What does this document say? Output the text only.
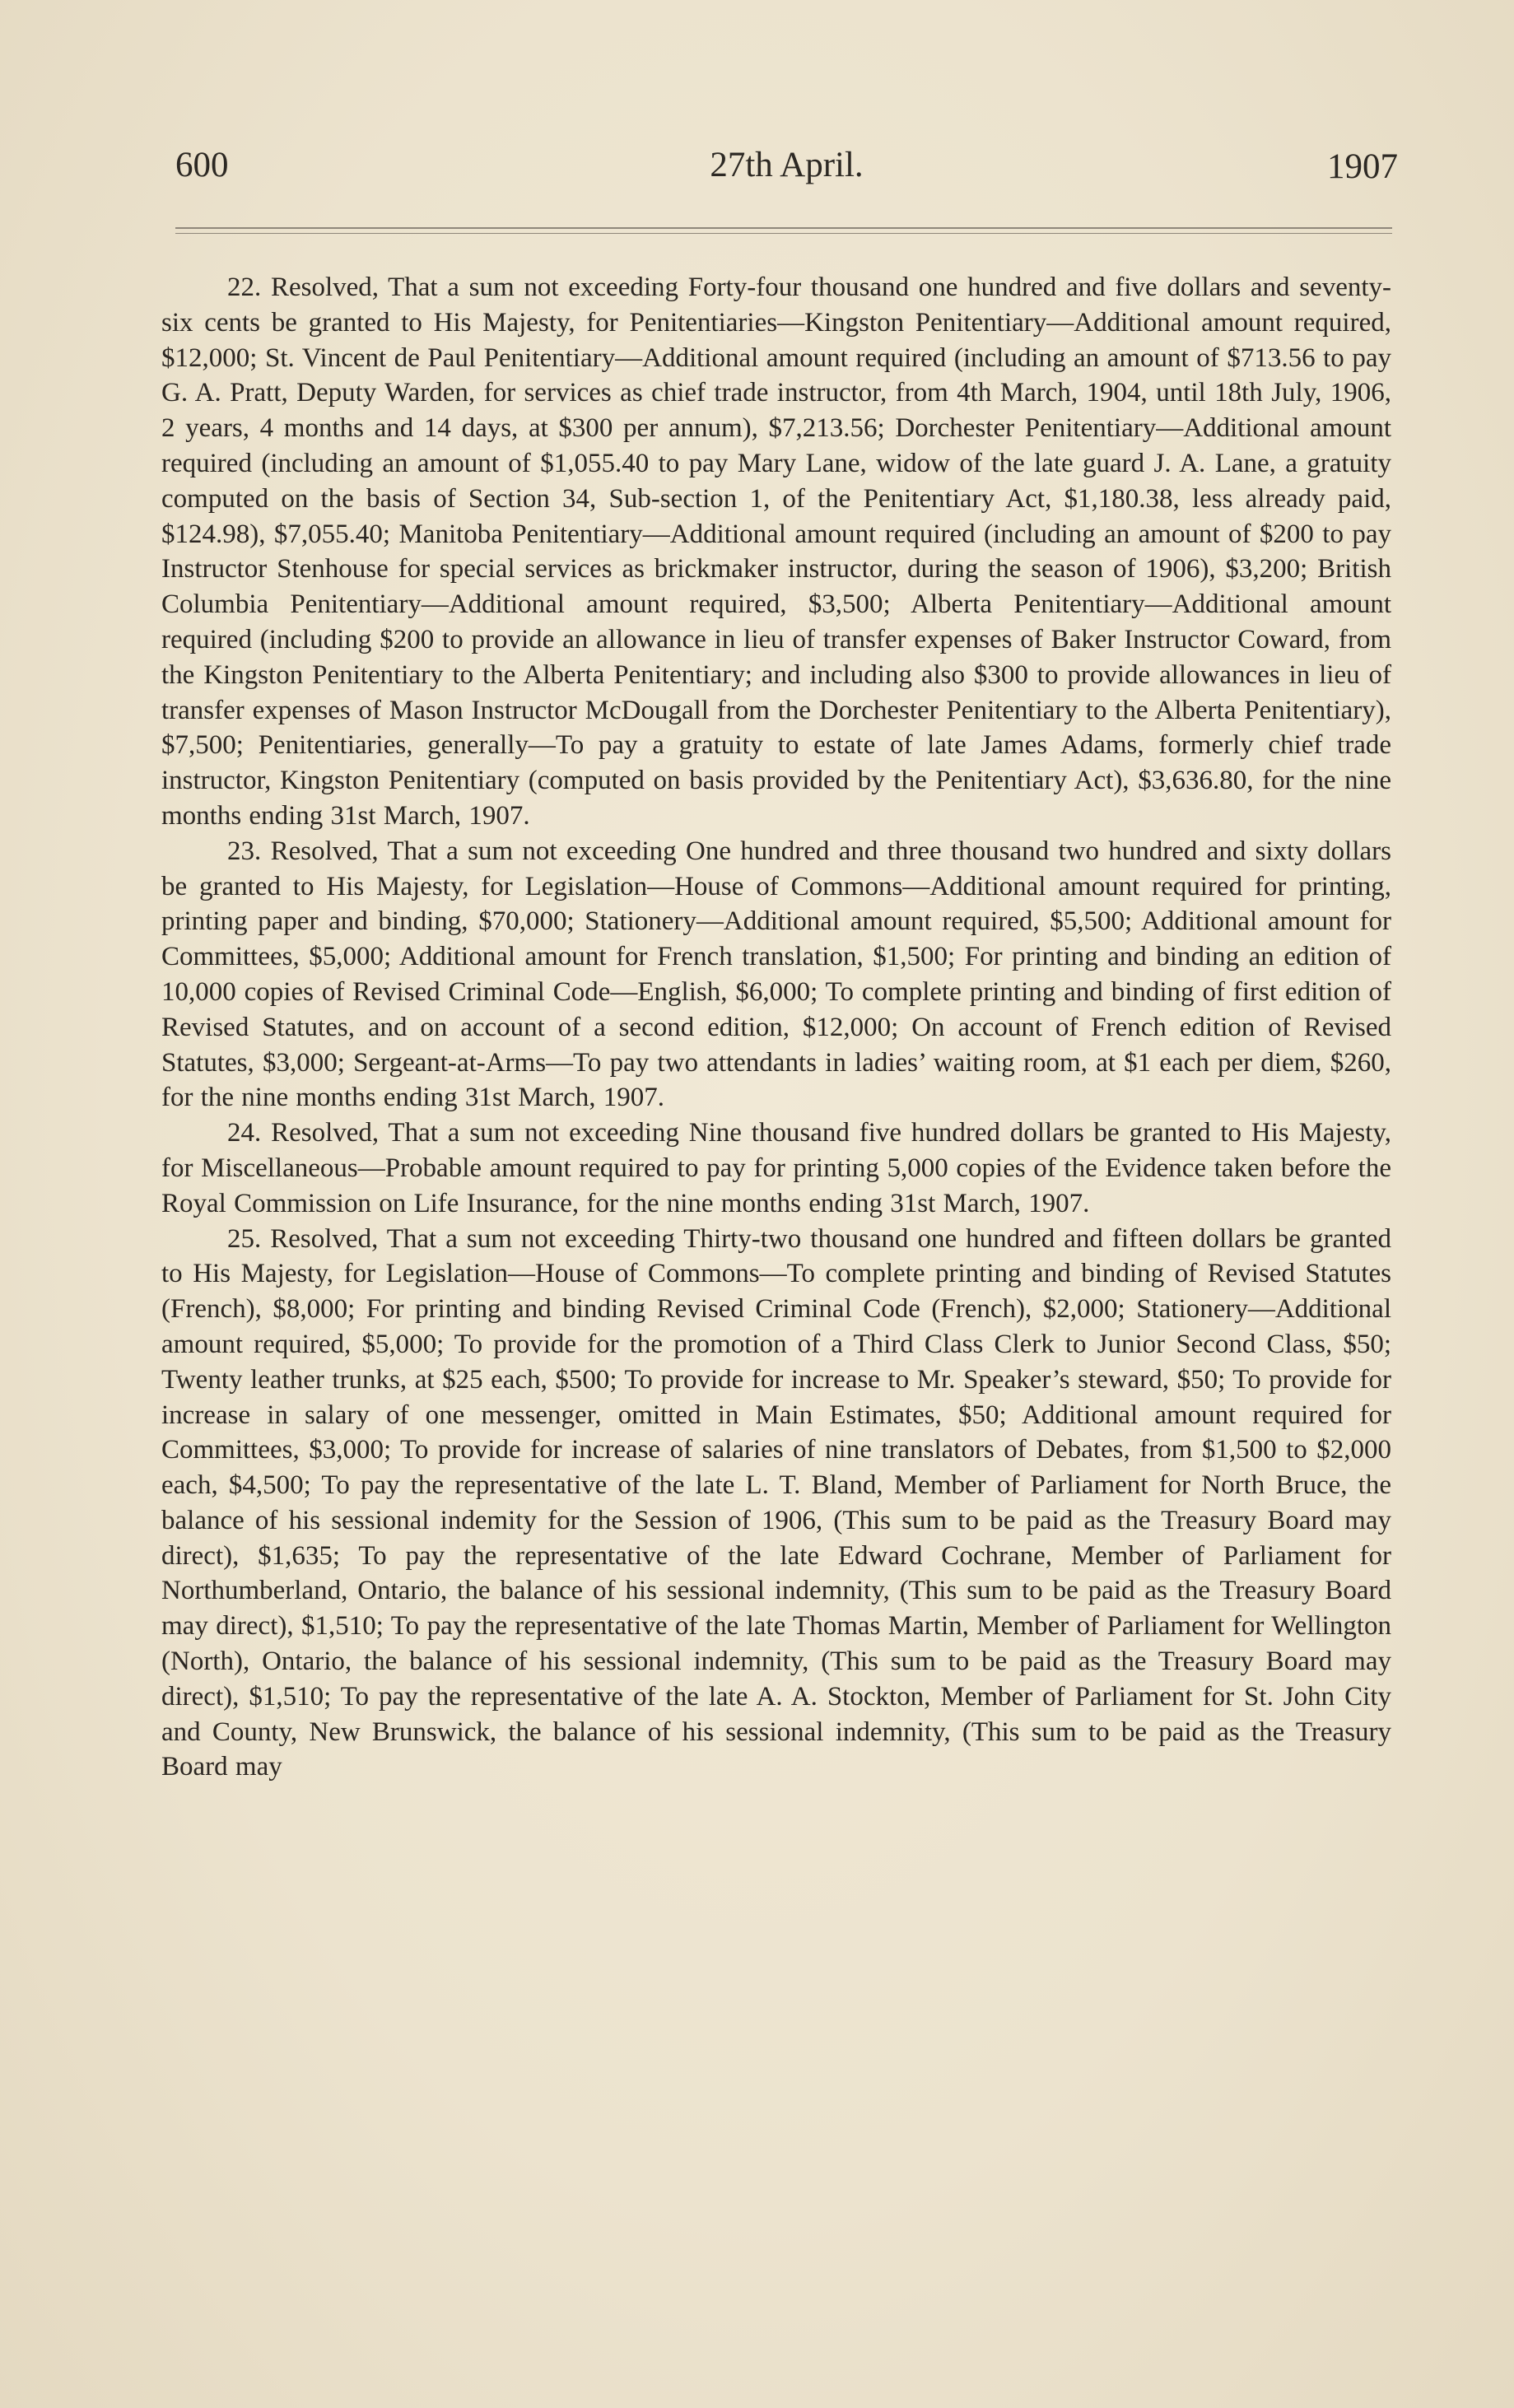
600	27th April.	1907

22. Resolved, That a sum not exceeding Forty-four thousand one hundred and five dollars and seventy-six cents be granted to His Majesty, for Penitentiaries—Kingston Penitentiary—Additional amount required, $12,000; St. Vincent de Paul Penitentiary—Additional amount required (including an amount of $713.56 to pay G. A. Pratt, Deputy Warden, for services as chief trade instructor, from 4th March, 1904, until 18th July, 1906, 2 years, 4 months and 14 days, at $300 per annum), $7,213.56; Dorchester Penitentiary—Additional amount required (including an amount of $1,055.40 to pay Mary Lane, widow of the late guard J. A. Lane, a gratuity computed on the basis of Section 34, Sub-section 1, of the Penitentiary Act, $1,180.38, less already paid, $124.98), $7,055.40; Manitoba Penitentiary—Additional amount required (including an amount of $200 to pay Instructor Stenhouse for special services as brickmaker instructor, during the season of 1906), $3,200; British Columbia Penitentiary—Additional amount required, $3,500; Alberta Penitentiary—Additional amount required (including $200 to provide an allowance in lieu of transfer expenses of Baker Instructor Coward, from the Kingston Penitentiary to the Alberta Penitentiary; and including also $300 to provide allowances in lieu of transfer expenses of Mason Instructor McDougall from the Dorchester Penitentiary to the Alberta Penitentiary), $7,500; Penitentiaries, generally—To pay a gratuity to estate of late James Adams, formerly chief trade instructor, Kingston Penitentiary (computed on basis provided by the Penitentiary Act), $3,636.80, for the nine months ending 31st March, 1907.

23. Resolved, That a sum not exceeding One hundred and three thousand two hundred and sixty dollars be granted to His Majesty, for Legislation—House of Commons—Additional amount required for printing, printing paper and binding, $70,000; Stationery—Additional amount required, $5,500; Additional amount for Committees, $5,000; Additional amount for French translation, $1,500; For printing and binding an edition of 10,000 copies of Revised Criminal Code—English, $6,000; To complete printing and binding of first edition of Revised Statutes, and on account of a second edition, $12,000; On account of French edition of Revised Statutes, $3,000; Sergeant-at-Arms—To pay two attendants in ladies’ waiting room, at $1 each per diem, $260, for the nine months ending 31st March, 1907.

24. Resolved, That a sum not exceeding Nine thousand five hundred dollars be granted to His Majesty, for Miscellaneous—Probable amount required to pay for printing 5,000 copies of the Evidence taken before the Royal Commission on Life Insurance, for the nine months ending 31st March, 1907.

25. Resolved, That a sum not exceeding Thirty-two thousand one hundred and fifteen dollars be granted to His Majesty, for Legislation—House of Commons—To complete printing and binding of Revised Statutes (French), $8,000; For printing and binding Revised Criminal Code (French), $2,000; Stationery—Additional amount required, $5,000; To provide for the promotion of a Third Class Clerk to Junior Second Class, $50; Twenty leather trunks, at $25 each, $500; To provide for increase to Mr. Speaker’s steward, $50; To provide for increase in salary of one messenger, omitted in Main Estimates, $50; Additional amount required for Committees, $3,000; To provide for increase of salaries of nine translators of Debates, from $1,500 to $2,000 each, $4,500; To pay the representative of the late L. T. Bland, Member of Parliament for North Bruce, the balance of his sessional indemity for the Session of 1906, (This sum to be paid as the Treasury Board may direct), $1,635; To pay the representative of the late Edward Cochrane, Member of Parliament for Northumberland, Ontario, the balance of his sessional indemnity, (This sum to be paid as the Treasury Board may direct), $1,510; To pay the representative of the late Thomas Martin, Member of Parliament for Wellington (North), Ontario, the balance of his sessional indemnity, (This sum to be paid as the Treasury Board may direct), $1,510; To pay the representative of the late A. A. Stockton, Member of Parliament for St. John City and County, New Brunswick, the balance of his sessional indemnity, (This sum to be paid as the Treasury Board may
